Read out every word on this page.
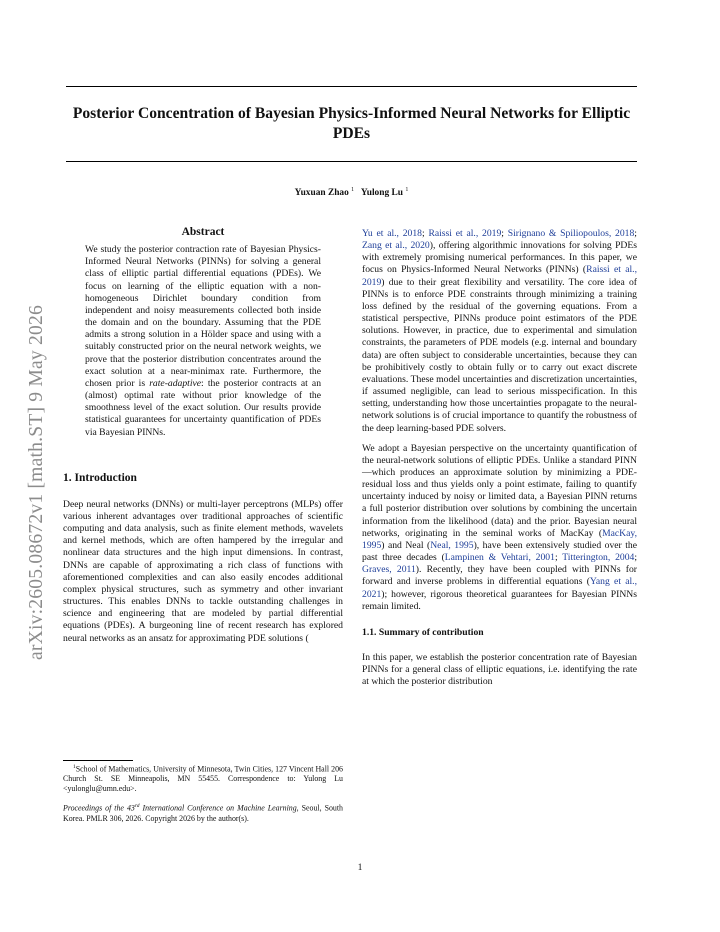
Posterior Concentration of Bayesian Physics-Informed Neural Networks for Elliptic PDEs
Yuxuan Zhao $^1$ Yulong Lu $^1$
arXiv:2605.08672v1 [math.ST] 9 May 2026
Abstract
We study the posterior contraction rate of Bayesian Physics-Informed Neural Networks (PINNs) for solving a general class of elliptic partial differential equations (PDEs). We focus on learning of the elliptic equation with a non-homogeneous Dirichlet boundary condition from independent and noisy measurements collected both inside the domain and on the boundary. Assuming that the PDE admits a strong solution in a Hölder space and using with a suitably constructed prior on the neural network weights, we prove that the posterior distribution concentrates around the exact solution at a near-minimax rate. Furthermore, the chosen prior is rate-adaptive: the posterior contracts at an (almost) optimal rate without prior knowledge of the smoothness level of the exact solution. Our results provide statistical guarantees for uncertainty quantification of PDEs via Bayesian PINNs.
1. Introduction

Deep neural networks (DNNs) or multi-layer perceptrons (MLPs) offer various inherent advantages over traditional approaches of scientific computing and data analysis, such as finite element methods, wavelets and kernel methods, which are often hampered by the irregular and nonlinear data structures and the high input dimensions. In contrast, DNNs are capable of approximating a rich class of functions with aforementioned complexities and can also easily encodes additional complex physical structures, such as symmetry and other invariant structures. This enables DNNs to tackle outstanding challenges in science and engineering that are modeled by partial differential equations (PDEs). A burgeoning line of recent research has explored neural networks as an ansatz for approximating PDE solutions (

Yu et al., 2018; Raissi et al., 2019; Sirignano & Spiliopoulos, 2018; Zang et al., 2020), offering algorithmic innovations for solving PDEs with extremely promising numerical performances. In this paper, we focus on Physics-Informed Neural Networks (PINNs) (Raissi et al., 2019) due to their great flexibility and versatility. The core idea of PINNs is to enforce PDE constraints through minimizing a training loss defined by the residual of the governing equations. From a statistical perspective, PINNs produce point estimators of the PDE solutions. However, in practice, due to experimental and simulation constraints, the parameters of PDE models (e.g. internal and boundary data) are often subject to considerable uncertainties, because they can be prohibitively costly to obtain fully or to carry out exact discrete evaluations. These model uncertainties and discretization uncertainties, if assumed negligible, can lead to serious misspecification. In this setting, understanding how those uncertainties propagate to the neural-network solutions is of crucial importance to quantify the robustness of the deep learning-based PDE solvers.

We adopt a Bayesian perspective on the uncertainty quantification of the neural-network solutions of elliptic PDEs. Unlike a standard PINN—which produces an approximate solution by minimizing a PDE-residual loss and thus yields only a point estimate, failing to quantify uncertainty induced by noisy or limited data, a Bayesian PINN returns a full posterior distribution over solutions by combining the uncertain information from the likelihood (data) and the prior. Bayesian neural networks, originating in the seminal works of MacKay (MacKay, 1995) and Neal (Neal, 1995), have been extensively studied over the past three decades (Lampinen & Vehtari, 2001; Titterington, 2004; Graves, 2011). Recently, they have been coupled with PINNs for forward and inverse problems in differential equations (Yang et al., 2021); however, rigorous theoretical guarantees for Bayesian PINNs remain limited.

1.1. Summary of contribution

In this paper, we establish the posterior concentration rate of Bayesian PINNs for a general class of elliptic equations, i.e. identifying the rate at which the posterior distribution

$^1$School of Mathematics, University of Minnesota, Twin Cities, 127 Vincent Hall 206 Church St. SE Minneapolis, MN 55455. Correspondence to: Yulong Lu <yulonglu@umn.edu>.

Proceedings of the 43rd International Conference on Machine Learning, Seoul, South Korea. PMLR 306, 2026. Copyright 2026 by the author(s).

1
